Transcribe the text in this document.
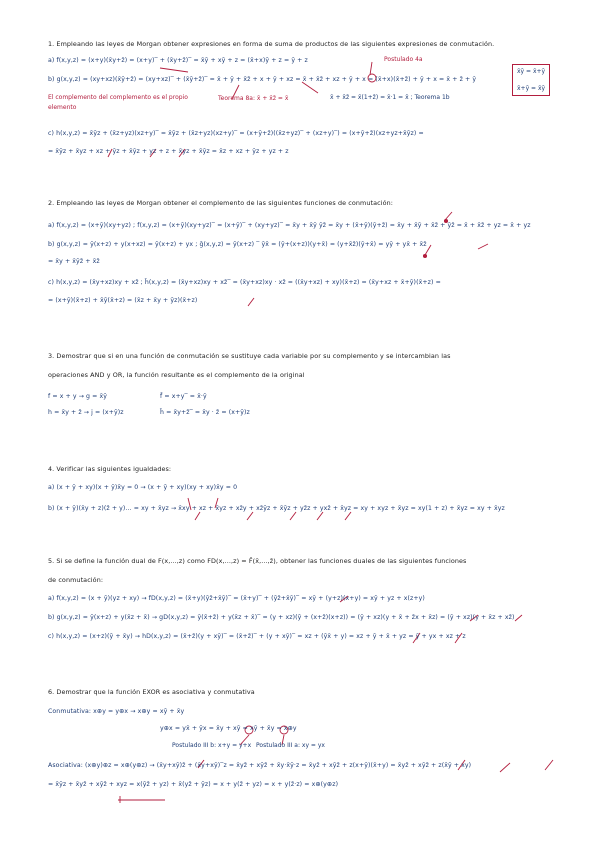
1. Empleando las leyes de Morgan obtener expresiones en forma de suma de productos de las siguientes expresiones de conmutación.
a) f(x,y,z) = (x+y)(x̄y+z̄) = (x+y)‾ + (x̄y+z̄)‾ = x̄ȳ + xȳ + z = (x̄+x)ȳ + z = ȳ + z	Postulado 4a
b) g(x,y,z) = (xy+xz)(x̄ȳ+z̄) = (xy+xz)‾ + (x̄ȳ+z̄)‾ = x̄ + ȳ + x̄z̄ + x + ȳ + xz = x̄ + x̄z̄ + xz + ȳ + x = (x̄+x)(x̄+z̄) + ȳ + x = x̄ + z̄ + ȳ
El complemento del complemento es el propio elemento
Teorema 8a: x̄ + x̄z̄ = x̄	x̄ + x̄z̄ = x̄(1+z̄) = x̄·1 = x̄ ; Teorema 1b
x̄ȳ = x̄+ȳ
x̄+ȳ = x̄ȳ
c) h(x,y,z) = x̄ȳz + (x̄z+yz)(xz+y)‾ = x̄ȳz + (x̄z+yz)(xz+y)‾ = (x+ȳ+z̄)((x̄z+yz)‾ + (xz+y)‾) = (x+ȳ+z̄)(xz+yz+x̄ȳz) =
= x̄ȳz + x̄yz + xz + ȳz + x̄ȳz + yz + z + x̄yz + x̄ȳz = x̄z + xz + ȳz + yz + z
2. Empleando las leyes de Morgan obtener el complemento de las siguientes funciones de conmutación:
a) f(x,y,z) = (x+ȳ)(xy+yz) ; f̄(x,y,z) = (x+ȳ)(xy+yz)‾ = (x+ȳ)‾ + (xy+yz)‾ = x̄y + x̄ȳ ȳz̄ = x̄y + (x̄+ȳ)(ȳ+z̄) = x̄y + x̄ȳ + x̄z̄ + ȳz̄ = x̄ + x̄z̄ + yz = x̄ + yz
b) g(x,y,z) = ȳ(x+z) + y(x+xz) = ȳ(x+z) + yx ; ḡ(x,y,z) = ȳ(x+z) ‾ ȳx̄ = (ȳ+(x+z))(y+x̄) = (y+x̄z̄)(ȳ+x̄) = yȳ + yx̄ + x̄z̄
= x̄y + x̄ȳz̄ + x̄z̄
c) h(x,y,z) = (x̄y+xz)xy + xz̄ ; h̄(x,y,z) = (x̄y+xz)xy + xz̄‾ = (x̄y+xz)xy · xz̄ = ((x̄y+xz) + xy)(x̄+z) = (x̄y+xz + x̄+ȳ)(x̄+z) =
= (x+ȳ)(x̄+z) + x̄ȳ(x̄+z) = (x̄z + x̄y + ȳz)(x̄+z)
3. Demostrar que si en una función de conmutación se sustituye cada variable por su complemento y se intercambian las
operaciones AND y OR, la función resultante es el complemento de la original
f = x + y → g = x̄ȳ	f̄ = x+y‾ = x̄·ȳ
h = x̄y + z̄ → j = (x+ȳ)z	h̄ = x̄y+z̄‾ = x̄y · z̄ = (x+ȳ)z
4. Verificar las siguientes igualdades:
a) (x + ȳ + xy)(x + ȳ)x̄y = 0 → (x + ȳ + xy)(xy + xy)x̄y = 0
b) (x + ȳ)(x̄y + z)(z̄ + y)... = xy + x̄yz → x̄xy + xz + x̄yz + xz̄y + xz̄ȳz + x̄ȳz + yz̄z + yxz̄ + x̄yz = xy + xyz + x̄yz = xy(1 + z) + x̄yz = xy + x̄yz
5. Si se define la función dual de F(x,...,z) como FD(x,...,z) = F̄(x̄,...,z̄), obtener las funciones duales de las siguientes funciones
de conmutación:
a) f(x,y,z) = (x + ȳ)(yz + xy) → fD(x,y,z) = (x̄+y)(ȳz̄+x̄ȳ)‾ = (x̄+y)‾ + (ȳz̄+x̄ȳ)‾ = xȳ + (y+z)(x+y) = xȳ + yz + x(z+y)
b) g(x,y,z) = ȳ(x+z) + y(x̄z + x̄) → gD(x,y,z) = ȳ(x̄+z̄) + y(x̄z + x̄)‾ = (y + xz)(ȳ + (x+z̄)(x+z)) = (ȳ + xz)(y + x̄ + z̄x + x̄z) = (ȳ + xz)(y + x̄z + xz̄)
c) h(x,y,z) = (x+z)(ȳ + x̄y) → hD(x,y,z) = (x̄+z̄)(y + xȳ)‾ = (x̄+z̄)‾ + (y + xȳ)‾ = xz + (ȳx̄ + y) = xz + ȳ + x̄ + yz = ȳ + yx + xz + z
6. Demostrar que la función EXOR es asociativa y conmutativa
Conmutativa: x⊕y = y⊕x → x⊕y = xȳ + x̄y
y⊕x = yx̄ + ȳx = x̄y + xȳ = xȳ + x̄y = x⊕y
Postulado III b: x+y = y+x Postulado III a: xy = yx
Asociativa: (x⊕y)⊕z = x⊕(y⊕z) → (x̄y+xȳ)z̄ + (x̄y+xȳ)‾z = x̄yz̄ + xȳz̄ + x̄y·x̄ȳ·z = x̄yz̄ + xȳz̄ + z(x+ȳ)(x̄+y) = x̄yz̄ + xȳz̄ + z(x̄ȳ + xy)
= x̄ȳz + x̄yz̄ + xȳz̄ + xyz = x(ȳz̄ + yz) + x̄(yz̄ + ȳz) = x + y(z̄ + yz) = x + y(z̄·z) = x⊕(y⊕z)
